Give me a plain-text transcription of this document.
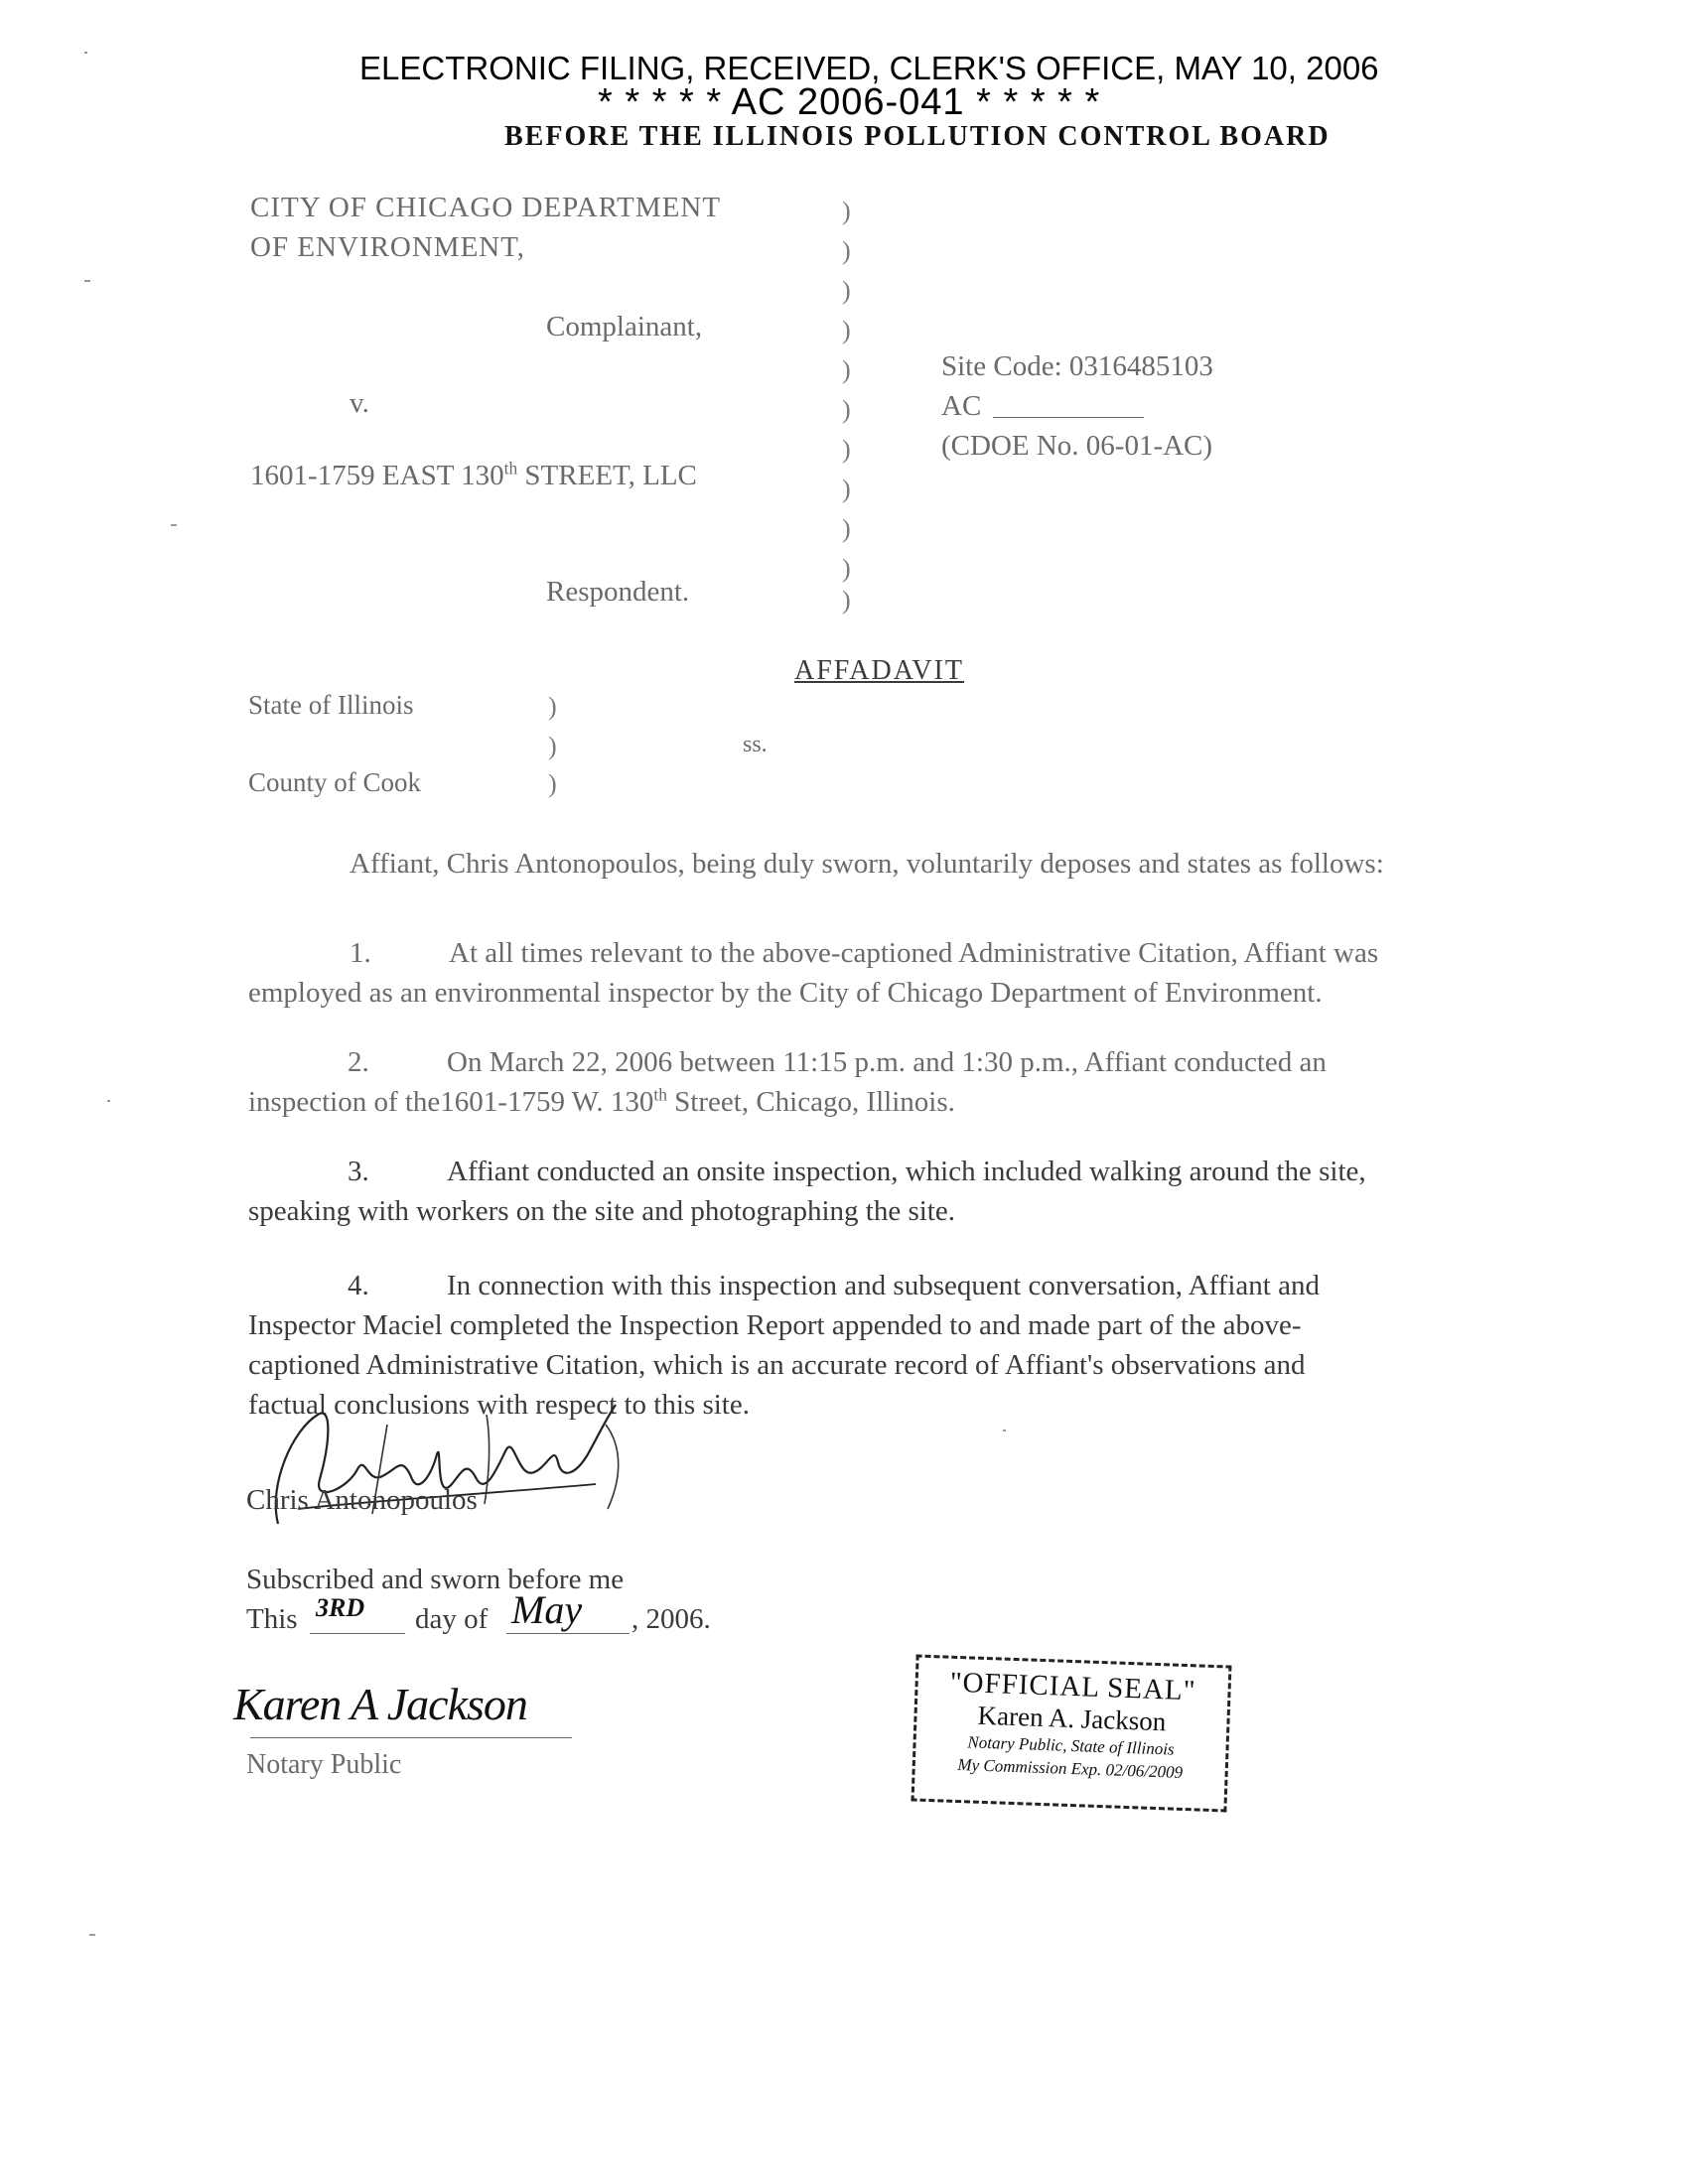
ELECTRONIC FILING, RECEIVED, CLERK'S OFFICE, MAY 10, 2006
* * * * * AC 2006-041 * * * * *
BEFORE THE ILLINOIS POLLUTION CONTROL BOARD
CITY OF CHICAGO DEPARTMENT
OF ENVIRONMENT,
Complainant,
v.
1601-1759 EAST 130th STREET, LLC
Respondent.
)
)
)
)
)
)
)
)
)
)
)
Site Code: 0316485103
AC
(CDOE No. 06-01-AC)
AFFADAVIT
State of Illinois
County of Cook
)
)
)
ss.
Affiant, Chris Antonopoulos, being duly sworn, voluntarily deposes and states as follows:
1.	At all times relevant to the above-captioned Administrative Citation, Affiant was
employed as an environmental inspector by the City of Chicago Department of Environment.
2.	On March 22, 2006 between 11:15 p.m. and 1:30 p.m., Affiant conducted an
inspection of the1601-1759 W. 130th Street, Chicago, Illinois.
3.	Affiant conducted an onsite inspection, which included walking around the site,
speaking with workers on the site and photographing the site.
4.	In connection with this inspection and subsequent conversation, Affiant and
Inspector Maciel completed the Inspection Report appended to and made part of the above-
captioned Administrative Citation, which is an accurate record of Affiant's observations and
factual conclusions with respect to this site.
Chris Antonopoulos
Subscribed and sworn before me
This 3RD day of May , 2006.
Karen A Jackson
Notary Public
"OFFICIAL SEAL"
Karen A. Jackson
Notary Public, State of Illinois
My Commission Exp. 02/06/2009
